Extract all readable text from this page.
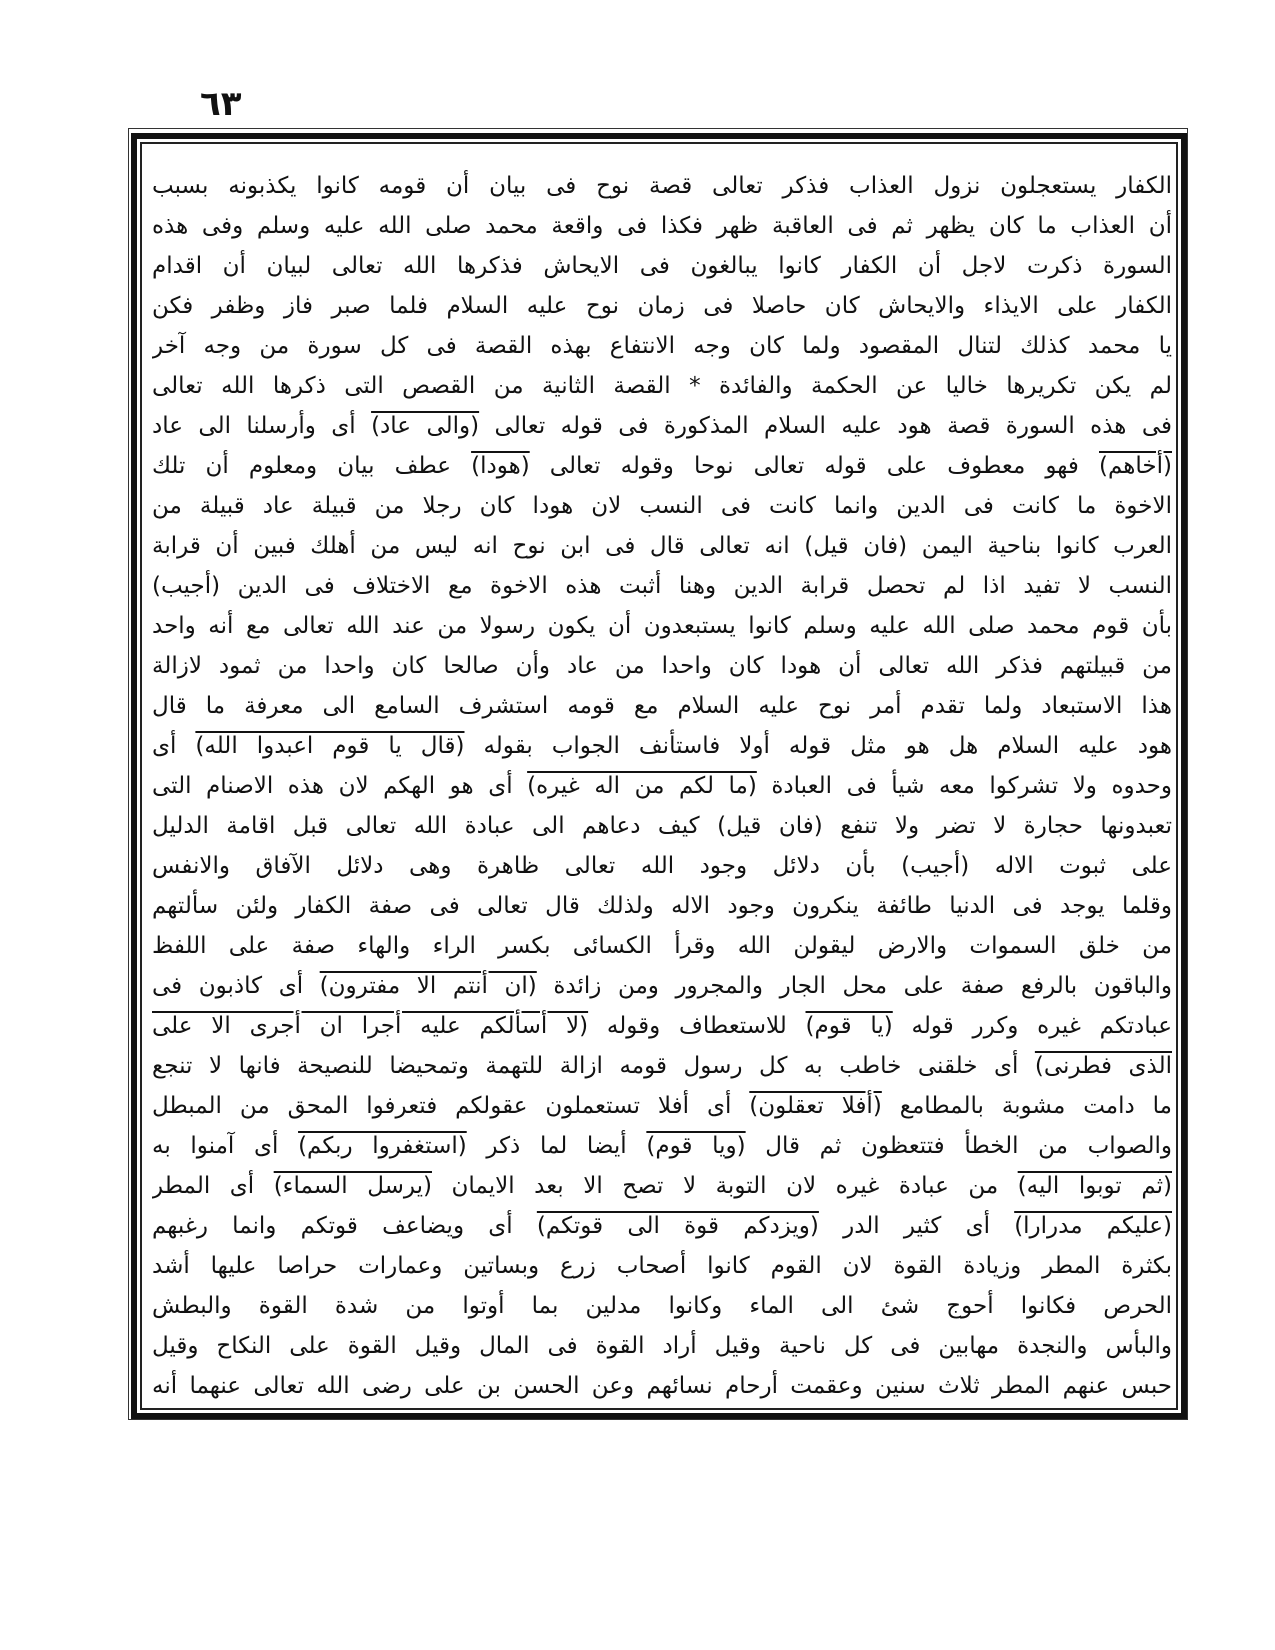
٦٣
الكفار يستعجلون نزول العذاب فذكر تعالى قصة نوح فى بيان أن قومه كانوا يكذبونه بسبب
أن العذاب ما كان يظهر ثم فى العاقبة ظهر فكذا فى واقعة محمد صلى الله عليه وسلم وفى هذه
السورة ذكرت لاجل أن الكفار كانوا يبالغون فى الايحاش فذكرها الله تعالى لبيان أن اقدام
الكفار على الايذاء والايحاش كان حاصلا فى زمان نوح عليه السلام فلما صبر فاز وظفر فكن
يا محمد كذلك لتنال المقصود ولما كان وجه الانتفاع بهذه القصة فى كل سورة من وجه آخر
لم يكن تكريرها خاليا عن الحكمة والفائدة * القصة الثانية من القصص التى ذكرها الله تعالى
فى هذه السورة قصة هود عليه السلام المذكورة فى قوله تعالى (والى عاد) أى وأرسلنا الى عاد
(أخاهم) فهو معطوف على قوله تعالى نوحا وقوله تعالى (هودا) عطف بيان ومعلوم أن تلك
الاخوة ما كانت فى الدين وانما كانت فى النسب لان هودا كان رجلا من قبيلة عاد قبيلة من
العرب كانوا بناحية اليمن (فان قيل) انه تعالى قال فى ابن نوح انه ليس من أهلك فبين أن قرابة
النسب لا تفيد اذا لم تحصل قرابة الدين وهنا أثبت هذه الاخوة مع الاختلاف فى الدين (أجيب)
بأن قوم محمد صلى الله عليه وسلم كانوا يستبعدون أن يكون رسولا من عند الله تعالى مع أنه واحد
من قبيلتهم فذكر الله تعالى أن هودا كان واحدا من عاد وأن صالحا كان واحدا من ثمود لازالة
هذا الاستبعاد ولما تقدم أمر نوح عليه السلام مع قومه استشرف السامع الى معرفة ما قال
هود عليه السلام هل هو مثل قوله أولا فاستأنف الجواب بقوله (قال يا قوم اعبدوا الله) أى
وحدوه ولا تشركوا معه شيأ فى العبادة (ما لكم من اله غيره) أى هو الهكم لان هذه الاصنام التى
تعبدونها حجارة لا تضر ولا تنفع (فان قيل) كيف دعاهم الى عبادة الله تعالى قبل اقامة الدليل
على ثبوت الاله (أجيب) بأن دلائل وجود الله تعالى ظاهرة وهى دلائل الآفاق والانفس
وقلما يوجد فى الدنيا طائفة ينكرون وجود الاله ولذلك قال تعالى فى صفة الكفار ولئن سألتهم
من خلق السموات والارض ليقولن الله وقرأ الكسائى بكسر الراء والهاء صفة على اللفظ
والباقون بالرفع صفة على محل الجار والمجرور ومن زائدة (ان أنتم الا مفترون) أى كاذبون فى
عبادتكم غيره وكرر قوله (يا قوم) للاستعطاف وقوله (لا أسألكم عليه أجرا ان أجرى الا على
الذى فطرنى) أى خلقنى خاطب به كل رسول قومه ازالة للتهمة وتمحيضا للنصيحة فانها لا تنجع
ما دامت مشوبة بالمطامع (أفلا تعقلون) أى أفلا تستعملون عقولكم فتعرفوا المحق من المبطل
والصواب من الخطأ فتتعظون ثم قال (ويا قوم) أيضا لما ذكر (استغفروا ربكم) أى آمنوا به
(ثم توبوا اليه) من عبادة غيره لان التوبة لا تصح الا بعد الايمان (يرسل السماء) أى المطر
(عليكم مدرارا) أى كثير الدر (ويزدكم قوة الى قوتكم) أى ويضاعف قوتكم وانما رغبهم
بكثرة المطر وزيادة القوة لان القوم كانوا أصحاب زرع وبساتين وعمارات حراصا عليها أشد
الحرص فكانوا أحوج شئ الى الماء وكانوا مدلين بما أوتوا من شدة القوة والبطش
والبأس والنجدة مهابين فى كل ناحية وقيل أراد القوة فى المال وقيل القوة على النكاح وقيل
حبس عنهم المطر ثلاث سنين وعقمت أرحام نسائهم وعن الحسن بن على رضى الله تعالى عنهما أنه
